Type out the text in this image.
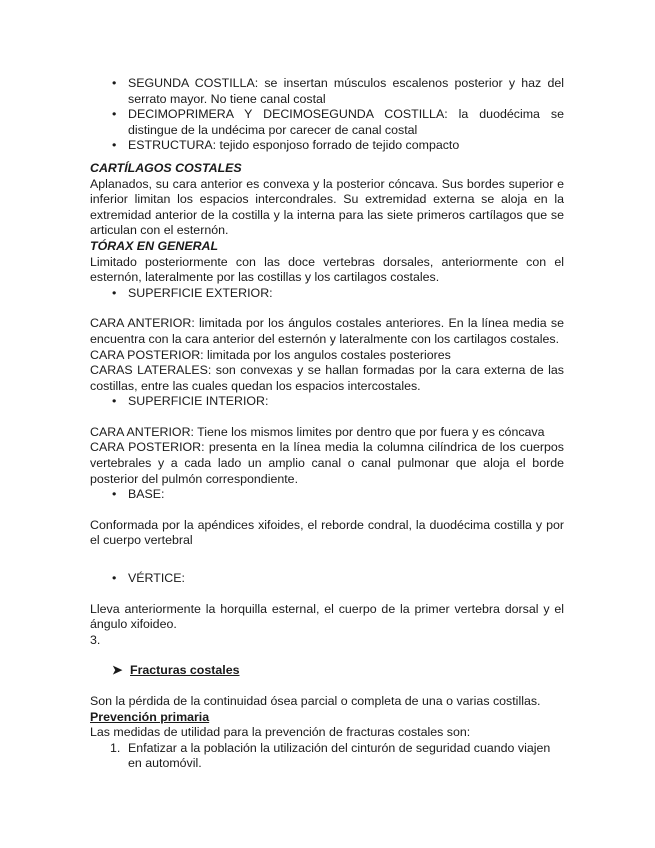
• SEGUNDA COSTILLA: se insertan músculos escalenos posterior y haz del serrato mayor. No tiene canal costal
• DECIMOPRIMERA Y DECIMOSEGUNDA COSTILLA: la duodécima se distingue de la undécima por carecer de canal costal
• ESTRUCTURA: tejido esponjoso forrado de tejido compacto

CARTÍLAGOS COSTALES

Aplanados, su cara anterior es convexa y la posterior cóncava. Sus bordes superior e inferior limitan los espacios intercondrales. Su extremidad externa se aloja en la extremidad anterior de la costilla y la interna para las siete primeros cartílagos que se articulan con el esternón.

TÓRAX EN GENERAL

Limitado posteriormente con las doce vertebras dorsales, anteriormente con el esternón, lateralmente por las costillas y los cartilagos costales.

• SUPERFICIE EXTERIOR:

CARA ANTERIOR: limitada por los ángulos costales anteriores. En la línea media se encuentra con la cara anterior del esternón y lateralmente con los cartilagos costales.

CARA POSTERIOR: limitada por los angulos costales posteriores

CARAS LATERALES: son convexas y se hallan formadas por la cara externa de las costillas, entre las cuales quedan los espacios intercostales.

• SUPERFICIE INTERIOR:

CARA ANTERIOR: Tiene los mismos limites por dentro que por fuera y es cóncava

CARA POSTERIOR: presenta en la línea media la columna cilíndrica de los cuerpos vertebrales y a cada lado un amplio canal o canal pulmonar que aloja el borde posterior del pulmón correspondiente.

• BASE:

Conformada por la apéndices xifoides, el reborde condral, la duodécima costilla y por el cuerpo vertebral

• VÉRTICE:

Lleva anteriormente la horquilla esternal, el cuerpo de la primer vertebra dorsal y el ángulo xifoideo.

3.

➤ Fracturas costales

Son la pérdida de la continuidad ósea parcial o completa de una o varias costillas.

Prevención primaria

Las medidas de utilidad para la prevención de fracturas costales son:

1. Enfatizar a la población la utilización del cinturón de seguridad cuando viajen en automóvil.
